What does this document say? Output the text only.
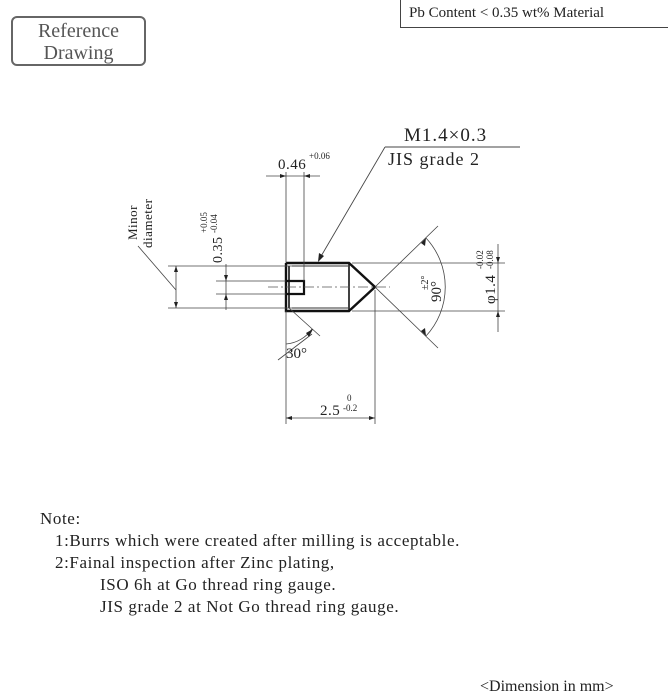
Reference
Drawing
Pb Content < 0.35 wt% Material
M1.4×0.3
JIS grade 2
0.46
+0.06
Minor diameter
0.35
+0.05 -0.04
90°
±2°	φ1.4
-0.02 -0.08
30°
2.5
0
-0.2
Note:
1:Burrs which were created after milling is acceptable.
2:Fainal inspection after Zinc plating,
ISO 6h at Go thread ring gauge.
JIS grade 2 at Not Go thread ring gauge.
<Dimension in mm>
